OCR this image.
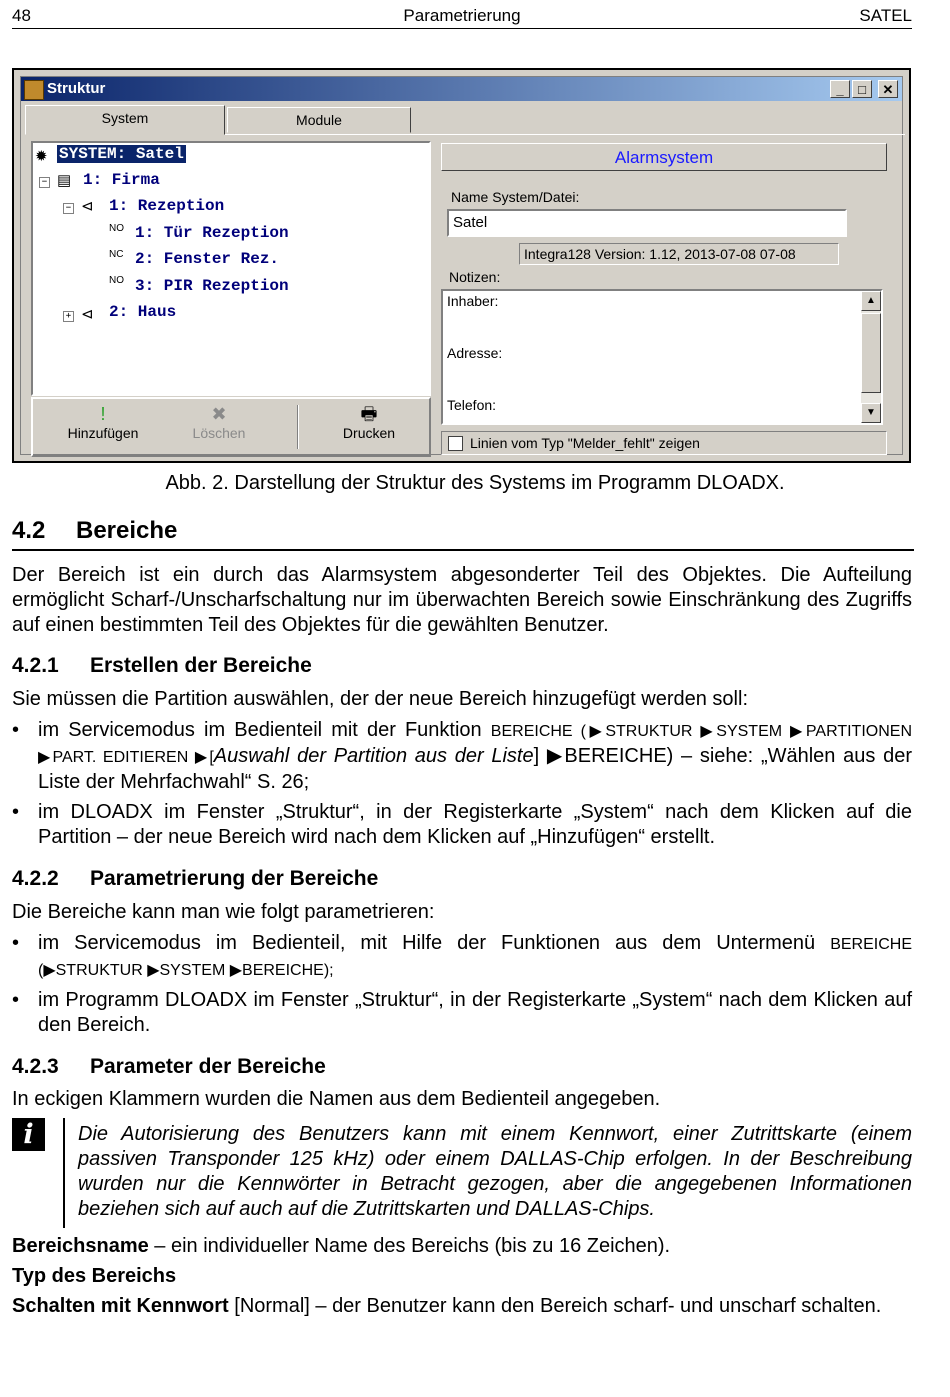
48	Parametrierung	SATEL
Struktur	_	□	✕
System	Module
✹ SYSTEM: Satel
− ▤ 1: Firma
− ⊲ 1: Rezeption
NO 1: Tür Rezeption
NC 2: Fenster Rez.
NO 3: PIR Rezeption
+ ⊲ 2: Haus
!
Hinzufügen
✖
Löschen
🖶
Drucken
Alarmsystem
Name System/Datei:
Satel
Integra128 Version: 1.12, 2013-07-08 07-08
Notizen:
Inhaber:
Adresse:
Telefon:
▲
▼
Linien vom Typ "Melder_fehlt" zeigen
Abb. 2. Darstellung der Struktur des Systems im Programm DLOADX.
4.2 Bereiche
Der Bereich ist ein durch das Alarmsystem abgesonderter Teil des Objektes. Die Aufteilung ermöglicht Scharf-/Unscharfschaltung nur im überwachten Bereich sowie Einschränkung des Zugriffs auf einen bestimmten Teil des Objektes für die gewählten Benutzer.
4.2.1 Erstellen der Bereiche
Sie müssen die Partition auswählen, der der neue Bereich hinzugefügt werden soll:
• im Servicemodus im Bedienteil mit der Funktion BEREICHE (▶STRUKTUR ▶SYSTEM ▶PARTITIONEN ▶PART. EDITIEREN ▶[Auswahl der Partition aus der Liste] ▶BEREICHE) – siehe: „Wählen aus der Liste der Mehrfachwahl“ S. 26;
• im DLOADX im Fenster „Struktur“, in der Registerkarte „System“ nach dem Klicken auf die Partition – der neue Bereich wird nach dem Klicken auf „Hinzufügen“ erstellt.
4.2.2 Parametrierung der Bereiche
Die Bereiche kann man wie folgt parametrieren:
• im Servicemodus im Bedienteil, mit Hilfe der Funktionen aus dem Untermenü BEREICHE (▶STRUKTUR ▶SYSTEM ▶BEREICHE);
• im Programm DLOADX im Fenster „Struktur“, in der Registerkarte „System“ nach dem Klicken auf den Bereich.
4.2.3 Parameter der Bereiche
In eckigen Klammern wurden die Namen aus dem Bedienteil angegeben.
i	Die Autorisierung des Benutzers kann mit einem Kennwort, einer Zutrittskarte (einem passiven Transponder 125 kHz) oder einem DALLAS-Chip erfolgen. In der Beschreibung wurden nur die Kennwörter in Betracht gezogen, aber die angegebenen Informationen beziehen sich auf auch auf die Zutrittskarten und DALLAS-Chips.
Bereichsname – ein individueller Name des Bereichs (bis zu 16 Zeichen).
Typ des Bereichs
Schalten mit Kennwort [Normal] – der Benutzer kann den Bereich scharf- und unscharf schalten.
